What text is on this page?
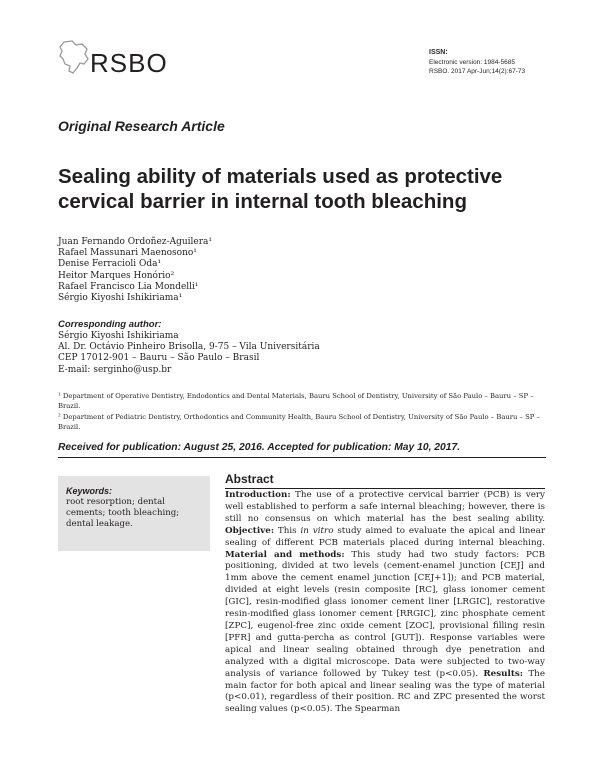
RSBO	ISSN:
Electronic version: 1984-5685
RSBO. 2017 Apr-Jun;14(2):67-73
Original Research Article
Sealing ability of materials used as protective cervical barrier in internal tooth bleaching
Juan Fernando Ordoñez-Aguilera¹
Rafael Massunari Maenosono¹
Denise Ferracioli Oda¹
Heitor Marques Honório²
Rafael Francisco Lia Mondelli¹
Sérgio Kiyoshi Ishikiriama¹
Corresponding author:
Sérgio Kiyoshi Ishikiriama
Al. Dr. Octávio Pinheiro Brisolla, 9-75 – Vila Universitária
CEP 17012-901 – Bauru – São Paulo – Brasil
E-mail: serginho@usp.br

¹ Department of Operative Dentistry, Endodontics and Dental Materials, Bauru School of Dentistry, University of São Paulo – Bauru – SP – Brazil.

² Department of Pediatric Dentistry, Orthodontics and Community Health, Bauru School of Dentistry, University of São Paulo – Bauru – SP – Brazil.

Received for publication: August 25, 2016. Accepted for publication: May 10, 2017.
Keywords:
root resorption; dental cements; tooth bleaching; dental leakage.
Abstract

Introduction: The use of a protective cervical barrier (PCB) is very well established to perform a safe internal bleaching; however, there is still no consensus on which material has the best sealing ability. Objective: This in vitro study aimed to evaluate the apical and linear sealing of different PCB materials placed during internal bleaching. Material and methods: This study had two study factors: PCB positioning, divided at two levels (cement-enamel junction [CEJ] and 1mm above the cement enamel junction [CEJ+1]); and PCB material, divided at eight levels (resin composite [RC], glass ionomer cement [GIC], resin-modified glass ionomer cement liner [LRGIC], restorative resin-modified glass ionomer cement [RRGIC], zinc phosphate cement [ZPC], eugenol-free zinc oxide cement [ZOC], provisional filling resin [PFR] and gutta-percha as control [GUT]). Response variables were apical and linear sealing obtained through dye penetration and analyzed with a digital microscope. Data were subjected to two-way analysis of variance followed by Tukey test (p<0.05). Results: The main factor for both apical and linear sealing was the type of material (p<0.01), regardless of their position. RC and ZPC presented the worst sealing values (p<0.05). The Spearman
